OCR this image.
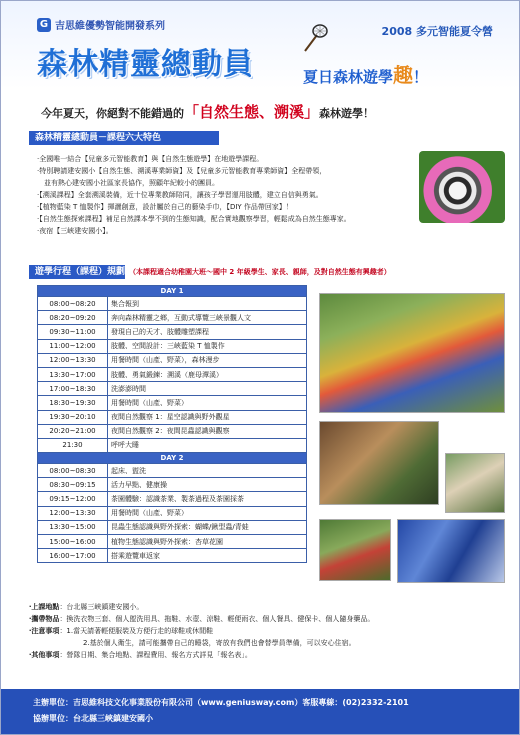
G 吉思維優勢智能開發系列
森林精靈總動員
2008 多元智能夏令營
夏日森林遊學趣！
今年夏天，你絕對不能錯過的「自然生態、溯溪」森林遊學！
森林精靈總動員－課程六大特色
‧全國唯一結合【兒童多元智能教育】與【自然生態遊學】在地遊學課程。
‧特別聘請建安國小【自然生態、溯溪專業師資】及【兒童多元智能教育專業師資】全程帶領，
　並有熱心建安國小社區家長協作，照顧年紀較小的團員。
‧【溯溪課程】全套溯溪裝備，近十位專業教師陪同，讓孩子學習運用肢體，建立自信與勇氣。
‧【植物藍染 T 恤製作】揮灑創意，設計屬於自己的藝染手巾，【DIY 作品帶回家】！
‧【自然生態探索課程】補足自然課本學不到的生態知識，配合實地觀察學習，輕鬆成為自然生態專家。
‧夜宿【三峽建安國小】。
遊學行程（課程）規劃 （本課程適合幼稚園大班～國中 2 年級學生、家長、親師，及對自然生態有興趣者）
DAY 1	
08:00~08:20	集合報到
08:20~09:20	奔向森林精靈之鄉，互動式導覽三峽景觀人文
09:30~11:00	發現自己的天才、肢體雕塑課程
11:00~12:00	肢體、空間設計：三峽藍染 T 恤製作
12:00~13:30	用餐時間（山產、野菜），森林漫步
13:30~17:00	肢體、勇氣鍛鍊：溯溪（鹿母潭溪）
17:00~18:30	洗澎澎時間
18:30~19:30	用餐時間（山產、野菜）
19:30~20:10	夜間自然觀察 1：星空認識與野外觀星
20:20~21:00	夜間自然觀察 2：夜間昆蟲認識與觀察
21:30	呼呼大睡
DAY 2	
08:00~08:30	起床、盥洗
08:30~09:15	活力早點、健康操
09:15~12:00	茶園體驗：認識茶業、製茶過程及茶園採茶
12:00~13:30	用餐時間（山產、野菜）
13:30~15:00	昆蟲生態認識與野外探索：蝴蝶/鍬型蟲/青蛙
15:00~16:00	植物生態認識與野外探索：杏草花園
16:00~17:00	搭乘遊覽車返家
‧上課地點：台北縣三峽鎮建安國小。
‧攜帶物品：換洗衣物三套、個人盥洗用具、拖鞋、水壺、涼鞋、輕便雨衣、個人餐具、健保卡、個人隨身藥品。
‧注意事項：1.當天請著輕便服裝及方便行走的球鞋或休閒鞋
2.基於個人衛生，請可能攜帶自己的睡袋，寄放有我們也會替學員準備，可以安心住宿。
‧其他事項：營隊日期、集合地點、課程費用、報名方式詳見「報名表」。
主辦單位：吉思維科技文化事業股份有限公司（www.geniusway.com）客服專線：(02)2332-2101
協辦單位：台北縣三峽鎮建安國小
